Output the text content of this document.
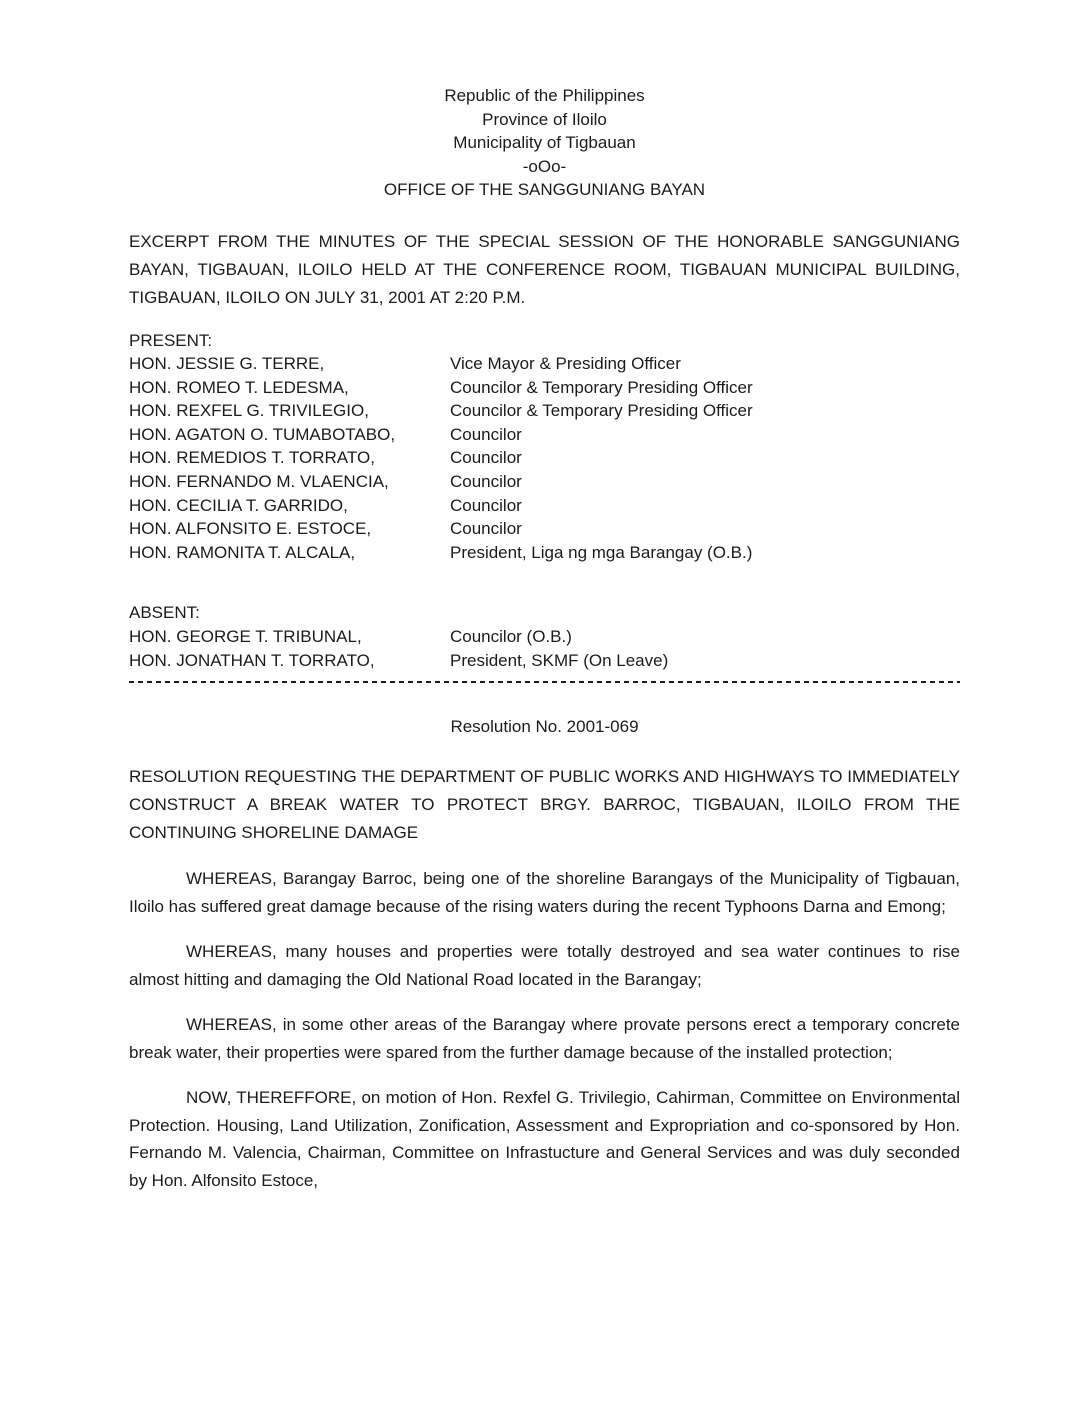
Republic of the Philippines
Province of Iloilo
Municipality of Tigbauan
-oOo-
OFFICE OF THE SANGGUNIANG BAYAN

EXCERPT FROM THE MINUTES OF THE SPECIAL SESSION OF THE HONORABLE SANGGUNIANG BAYAN, TIGBAUAN, ILOILO HELD AT THE CONFERENCE ROOM, TIGBAUAN MUNICIPAL BUILDING, TIGBAUAN, ILOILO ON JULY 31, 2001 AT 2:20 P.M.

PRESENT:
HON. JESSIE G. TERRE,	Vice Mayor & Presiding Officer
HON. ROMEO T. LEDESMA,	Councilor & Temporary Presiding Officer
HON. REXFEL G. TRIVILEGIO,	Councilor & Temporary Presiding Officer
HON. AGATON O. TUMABOTABO,	Councilor
HON. REMEDIOS T. TORRATO,	Councilor
HON. FERNANDO M. VLAENCIA,	Councilor
HON. CECILIA T. GARRIDO,	Councilor
HON. ALFONSITO E. ESTOCE,	Councilor
HON. RAMONITA T. ALCALA,	President, Liga ng mga Barangay (O.B.)
ABSENT:
HON. GEORGE T. TRIBUNAL,	Councilor (O.B.)
HON. JONATHAN T. TORRATO,	President, SKMF (On Leave)
Resolution No. 2001-069

RESOLUTION REQUESTING THE DEPARTMENT OF PUBLIC WORKS AND HIGHWAYS TO IMMEDIATELY CONSTRUCT A BREAK WATER TO PROTECT BRGY. BARROC, TIGBAUAN, ILOILO FROM THE CONTINUING SHORELINE DAMAGE

WHEREAS, Barangay Barroc, being one of the shoreline Barangays of the Municipality of Tigbauan, Iloilo has suffered great damage because of the rising waters during the recent Typhoons Darna and Emong;

WHEREAS, many houses and properties were totally destroyed and sea water continues to rise almost hitting and damaging the Old National Road located in the Barangay;

WHEREAS, in some other areas of the Barangay where provate persons erect a temporary concrete break water, their properties were spared from the further damage because of the installed protection;

NOW, THEREFFORE, on motion of Hon. Rexfel G. Trivilegio, Cahirman, Committee on Environmental Protection. Housing, Land Utilization, Zonification, Assessment and Expropriation and co-sponsored by Hon. Fernando M. Valencia, Chairman, Committee on Infrastucture and General Services and was duly seconded by Hon. Alfonsito Estoce,
